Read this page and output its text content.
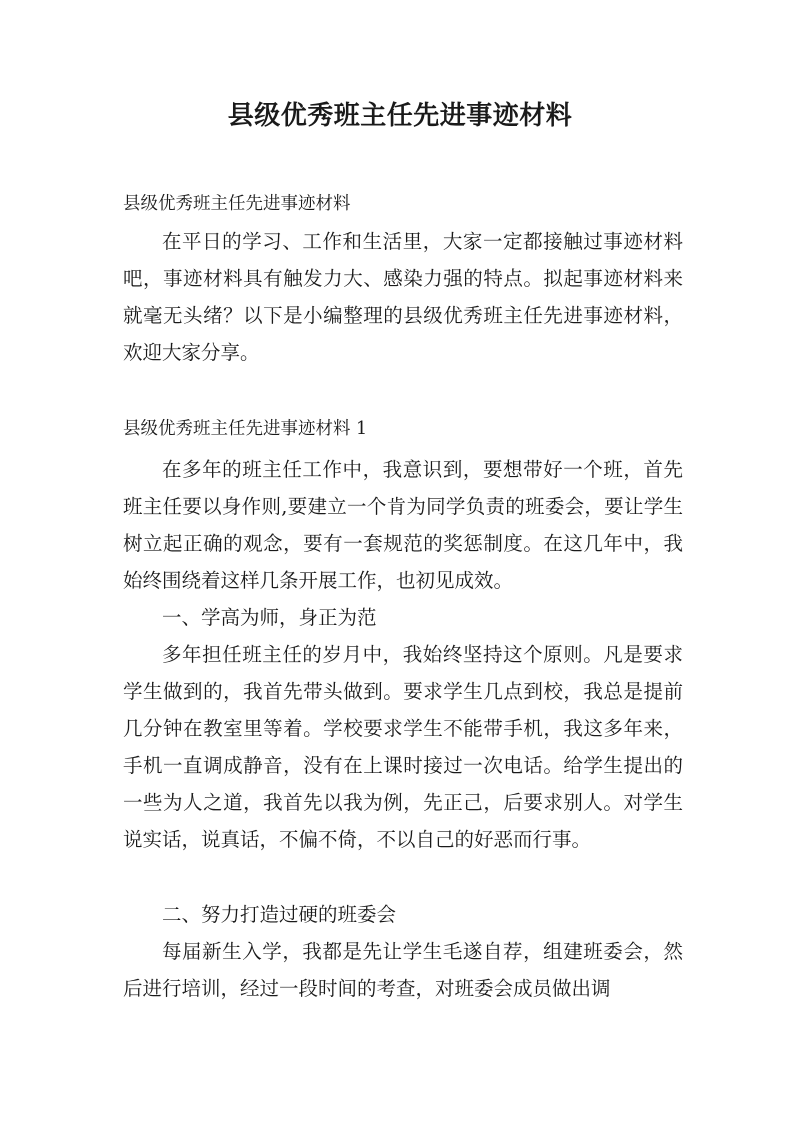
县级优秀班主任先进事迹材料

县级优秀班主任先进事迹材料

在平日的学习、工作和生活里，大家一定都接触过事迹材料吧，事迹材料具有触发力大、感染力强的特点。拟起事迹材料来就毫无头绪？以下是小编整理的县级优秀班主任先进事迹材料，欢迎大家分享。

县级优秀班主任先进事迹材料 1

在多年的班主任工作中，我意识到，要想带好一个班，首先班主任要以身作则,要建立一个肯为同学负责的班委会，要让学生树立起正确的观念，要有一套规范的奖惩制度。在这几年中，我始终围绕着这样几条开展工作，也初见成效。

一、学高为师，身正为范

多年担任班主任的岁月中，我始终坚持这个原则。凡是要求学生做到的，我首先带头做到。要求学生几点到校，我总是提前几分钟在教室里等着。学校要求学生不能带手机，我这多年来，手机一直调成静音，没有在上课时接过一次电话。给学生提出的一些为人之道，我首先以我为例，先正己，后要求别人。对学生说实话，说真话，不偏不倚，不以自己的好恶而行事。

二、努力打造过硬的班委会

每届新生入学，我都是先让学生毛遂自荐，组建班委会，然后进行培训，经过一段时间的考查，对班委会成员做出调
